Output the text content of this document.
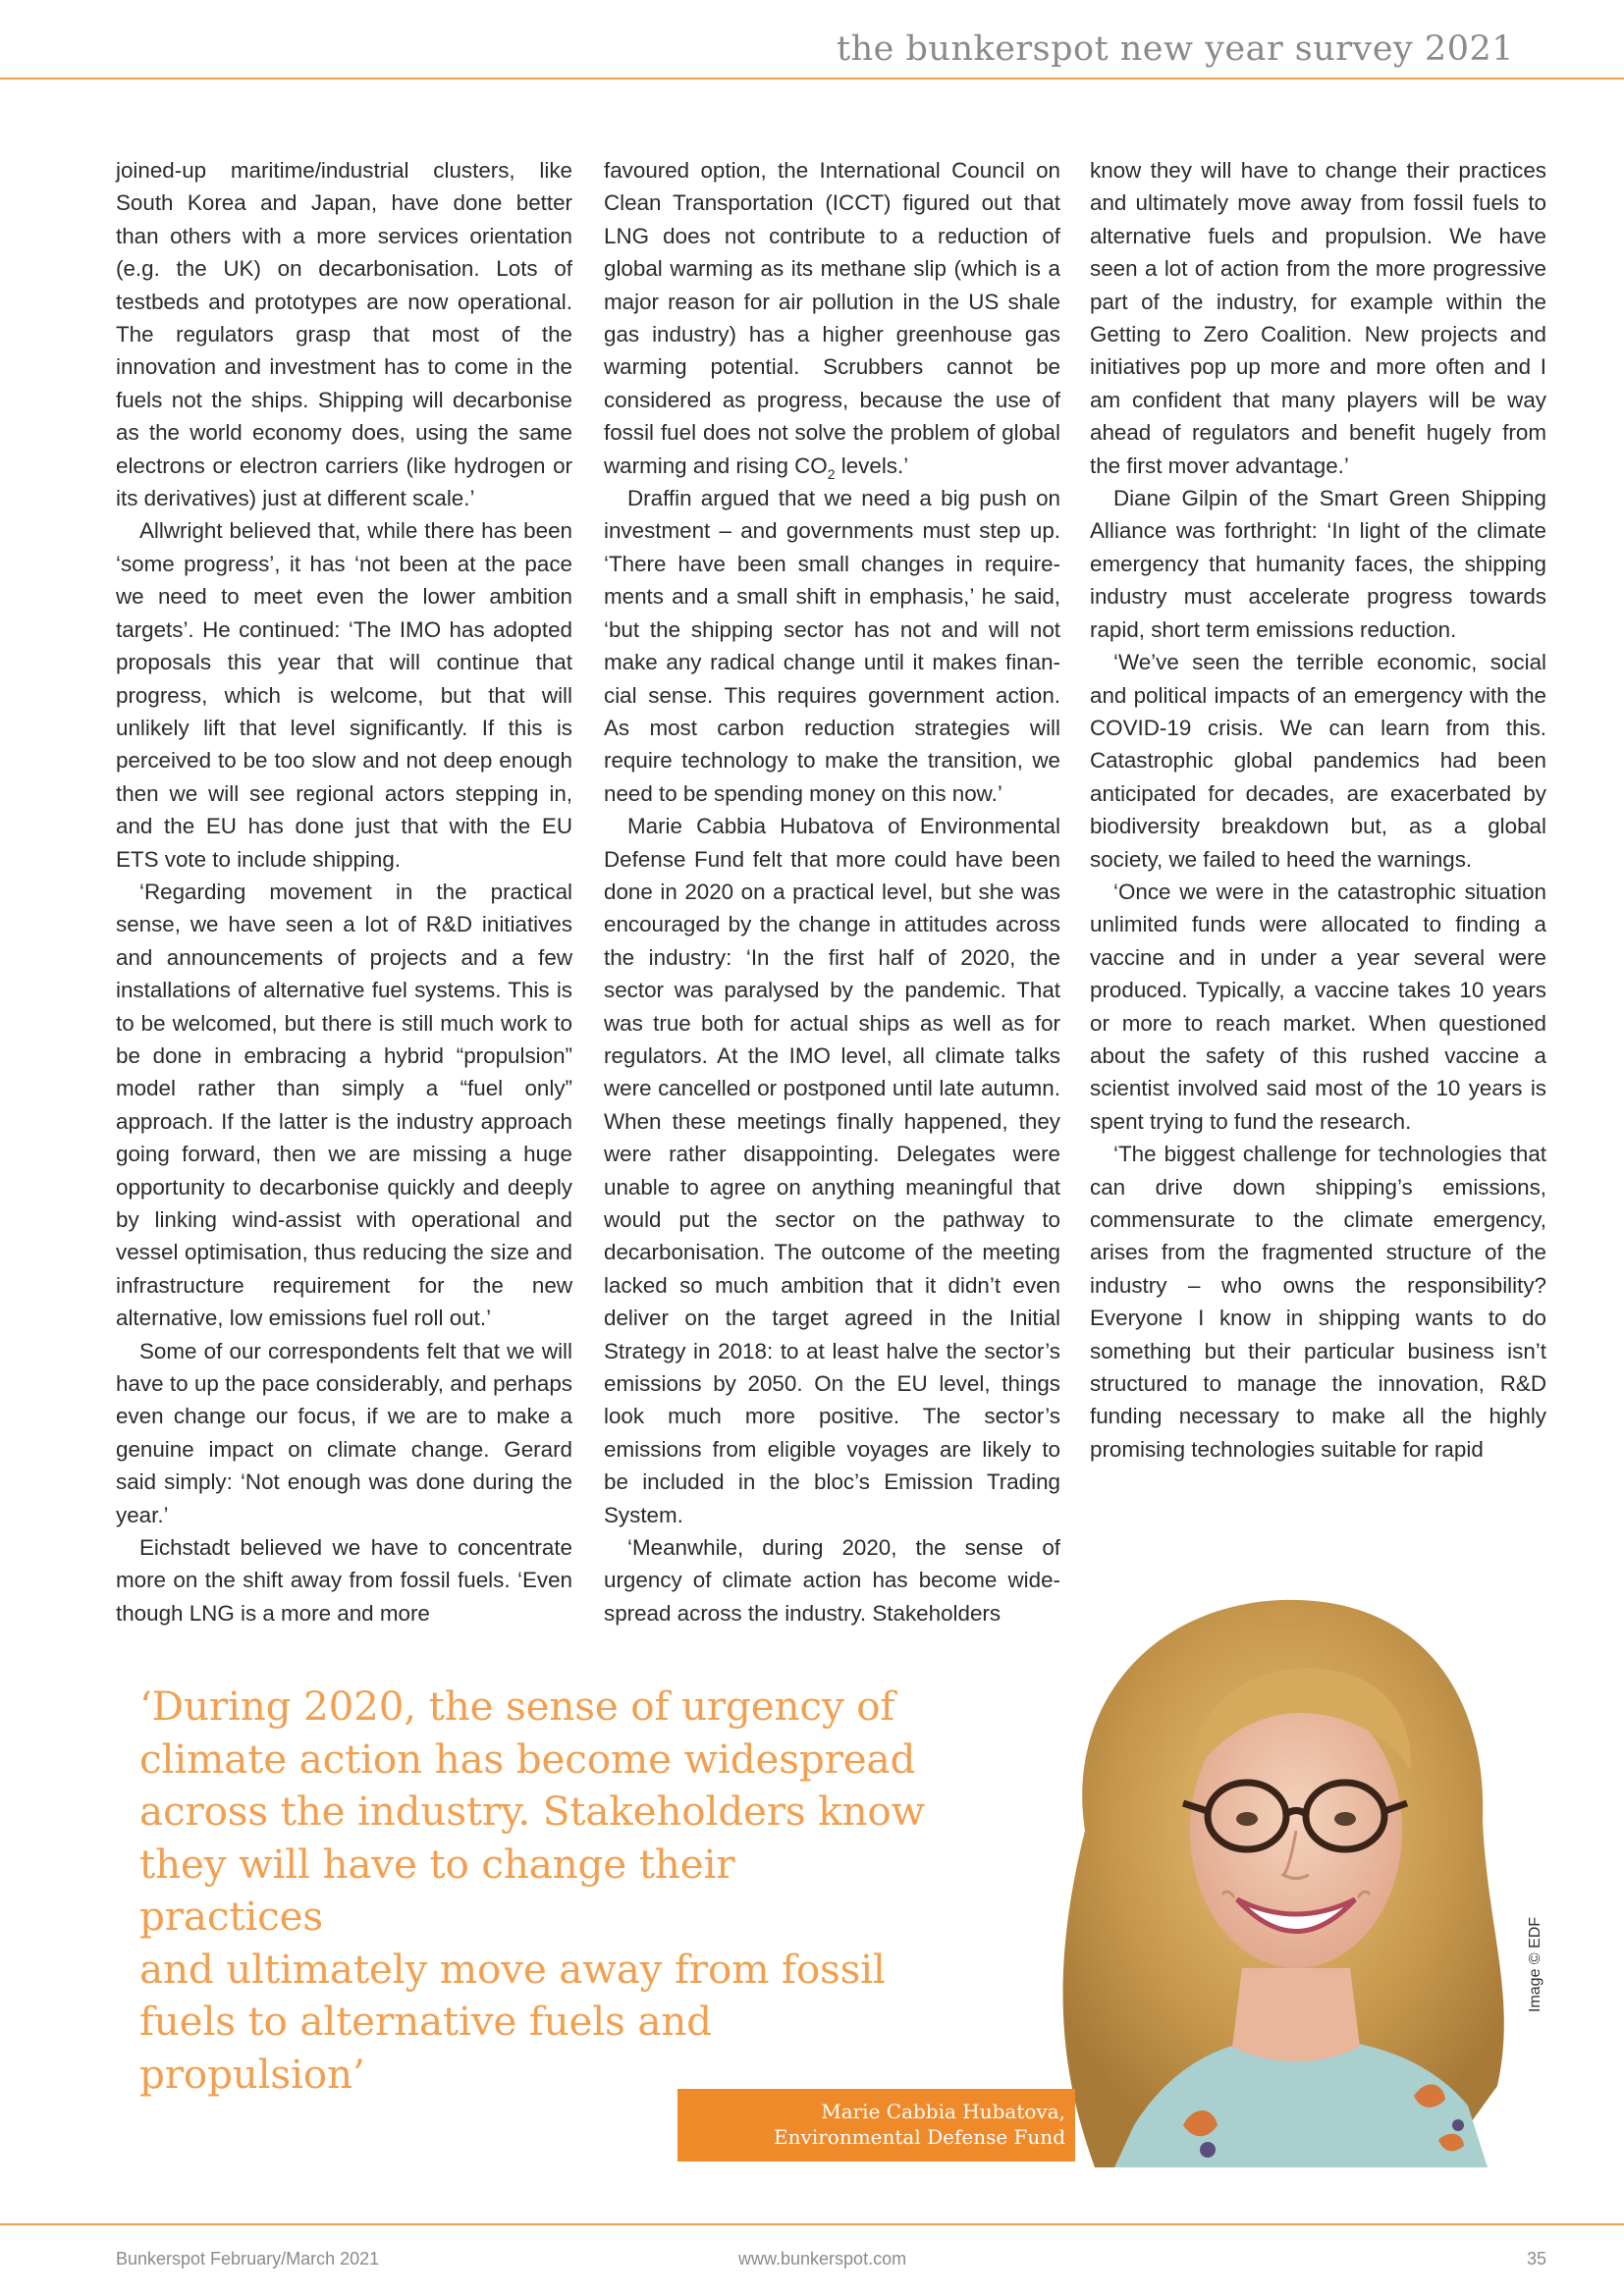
the bunkerspot new year survey 2021

joined-up maritime/industrial clusters, like South Korea and Japan, have done better than others with a more services orientation (e.g. the UK) on decarbonisation. Lots of testbeds and prototypes are now operational. The regulators grasp that most of the innovation and investment has to come in the fuels not the ships. Shipping will decarbonise as the world economy does, using the same electrons or electron carriers (like hydrogen or its derivatives) just at different scale.’

Allwright believed that, while there has been ‘some progress’, it has ‘not been at the pace we need to meet even the lower ambition targets’. He continued: ‘The IMO has adopted proposals this year that will continue that progress, which is welcome, but that will unlikely lift that level significantly. If this is perceived to be too slow and not deep enough then we will see regional actors stepping in, and the EU has done just that with the EU ETS vote to include shipping.

‘Regarding movement in the practical sense, we have seen a lot of R&D initiatives and announcements of projects and a few installations of alternative fuel systems. This is to be welcomed, but there is still much work to be done in embracing a hybrid “propulsion” model rather than simply a “fuel only” approach. If the latter is the industry approach going forward, then we are missing a huge opportunity to decarbonise quickly and deeply by linking wind-assist with operational and vessel optimisation, thus reducing the size and infrastructure requirement for the new alternative, low emissions fuel roll out.’

Some of our correspondents felt that we will have to up the pace considerably, and perhaps even change our focus, if we are to make a genuine impact on climate change. Gerard said simply: ‘Not enough was done during the year.’

Eichstadt believed we have to concentrate more on the shift away from fossil fuels. ‘Even though LNG is a more and more

favoured option, the International Council on Clean Transportation (ICCT) figured out that LNG does not contribute to a reduction of global warming as its methane slip (which is a major reason for air pollution in the US shale gas industry) has a higher greenhouse gas warming potential. Scrubbers cannot be considered as progress, because the use of fossil fuel does not solve the problem of global warming and rising $CO_2$ levels.’

Draffin argued that we need a big push on investment – and governments must step up. ‘There have been small changes in requirements and a small shift in emphasis,’ he said, ‘but the shipping sector has not and will not make any radical change until it makes financial sense. This requires government action. As most carbon reduction strategies will require technology to make the transition, we need to be spending money on this now.’

Marie Cabbia Hubatova of Environmental Defense Fund felt that more could have been done in 2020 on a practical level, but she was encouraged by the change in attitudes across the industry: ‘In the first half of 2020, the sector was paralysed by the pandemic. That was true both for actual ships as well as for regulators. At the IMO level, all climate talks were cancelled or postponed until late autumn. When these meetings finally happened, they were rather disappointing. Delegates were unable to agree on anything meaningful that would put the sector on the pathway to decarbonisation. The outcome of the meeting lacked so much ambition that it didn’t even deliver on the target agreed in the Initial Strategy in 2018: to at least halve the sector’s emissions by 2050. On the EU level, things look much more positive. The sector’s emissions from eligible voyages are likely to be included in the bloc’s Emission Trading System.

‘Meanwhile, during 2020, the sense of urgency of climate action has become widespread across the industry. Stakeholders

know they will have to change their practices and ultimately move away from fossil fuels to alternative fuels and propulsion. We have seen a lot of action from the more progressive part of the industry, for example within the Getting to Zero Coalition. New projects and initiatives pop up more and more often and I am confident that many players will be way ahead of regulators and benefit hugely from the first mover advantage.’

Diane Gilpin of the Smart Green Shipping Alliance was forthright: ‘In light of the climate emergency that humanity faces, the shipping industry must accelerate progress towards rapid, short term emissions reduction.

‘We’ve seen the terrible economic, social and political impacts of an emergency with the COVID-19 crisis. We can learn from this. Catastrophic global pandemics had been anticipated for decades, are exacerbated by biodiversity breakdown but, as a global society, we failed to heed the warnings.

‘Once we were in the catastrophic situation unlimited funds were allocated to finding a vaccine and in under a year several were produced. Typically, a vaccine takes 10 years or more to reach market. When questioned about the safety of this rushed vaccine a scientist involved said most of the 10 years is spent trying to fund the research.

‘The biggest challenge for technologies that can drive down shipping’s emissions, commensurate to the climate emergency, arises from the fragmented structure of the industry – who owns the responsibility? Everyone I know in shipping wants to do something but their particular business isn’t structured to manage the innovation, R&D funding necessary to make all the highly promising technologies suitable for rapid

‘During 2020, the sense of urgency of
climate action has become widespread
across the industry. Stakeholders know
they will have to change their practices
and ultimately move away from fossil
fuels to alternative fuels and propulsion’
Image © EDF
Marie Cabbia Hubatova,
Environmental Defense Fund
Bunkerspot February/March 2021	www.bunkerspot.com	35
